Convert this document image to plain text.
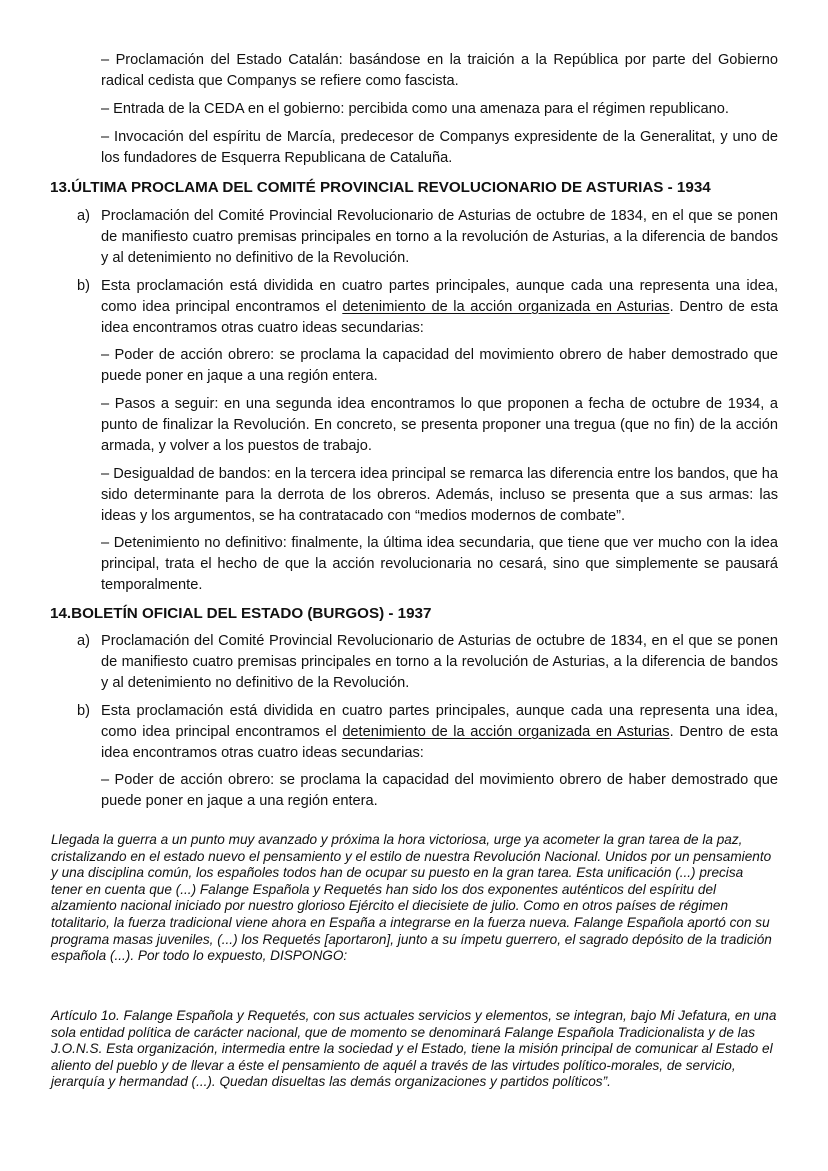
– Proclamación del Estado Catalán: basándose en la traición a la República por parte del Gobierno radical cedista que Companys se refiere como fascista.

– Entrada de la CEDA en el gobierno: percibida como una amenaza para el régimen republicano.

– Invocación del espíritu de Marcía, predecesor de Companys expresidente de la Generalitat, y uno de los fundadores de Esquerra Republicana de Cataluña.

13.ÚLTIMA PROCLAMA DEL COMITÉ PROVINCIAL REVOLUCIONARIO DE ASTURIAS - 1934
a) Proclamación del Comité Provincial Revolucionario de Asturias de octubre de 1834, en el que se ponen de manifiesto cuatro premisas principales en torno a la revolución de Asturias, a la diferencia de bandos y al detenimiento no definitivo de la Revolución.

b) Esta proclamación está dividida en cuatro partes principales, aunque cada una representa una idea, como idea principal encontramos el detenimiento de la acción organizada en Asturias. Dentro de esta idea encontramos otras cuatro ideas secundarias:

– Poder de acción obrero: se proclama la capacidad del movimiento obrero de haber demostrado que puede poner en jaque a una región entera.

– Pasos a seguir: en una segunda idea encontramos lo que proponen a fecha de octubre de 1934, a punto de finalizar la Revolución. En concreto, se presenta proponer una tregua (que no fin) de la acción armada, y volver a los puestos de trabajo.

– Desigualdad de bandos: en la tercera idea principal se remarca las diferencia entre los bandos, que ha sido determinante para la derrota de los obreros. Además, incluso se presenta que a sus armas: las ideas y los argumentos, se ha contratacado con “medios modernos de combate”.

– Detenimiento no definitivo: finalmente, la última idea secundaria, que tiene que ver mucho con la idea principal, trata el hecho de que la acción revolucionaria no cesará, sino que simplemente se pausará temporalmente.

14.BOLETÍN OFICIAL DEL ESTADO (BURGOS) - 1937
a) Proclamación del Comité Provincial Revolucionario de Asturias de octubre de 1834, en el que se ponen de manifiesto cuatro premisas principales en torno a la revolución de Asturias, a la diferencia de bandos y al detenimiento no definitivo de la Revolución.

b) Esta proclamación está dividida en cuatro partes principales, aunque cada una representa una idea, como idea principal encontramos el detenimiento de la acción organizada en Asturias. Dentro de esta idea encontramos otras cuatro ideas secundarias:

– Poder de acción obrero: se proclama la capacidad del movimiento obrero de haber demostrado que puede poner en jaque a una región entera.

Llegada la guerra a un punto muy avanzado y próxima la hora victoriosa, urge ya acometer la gran tarea de la paz, cristalizando en el estado nuevo el pensamiento y el estilo de nuestra Revolución Nacional. Unidos por un pensamiento y una disciplina común, los españoles todos han de ocupar su puesto en la gran tarea. Esta unificación (...) precisa tener en cuenta que (...) Falange Española y Requetés han sido los dos exponentes auténticos del espíritu del alzamiento nacional iniciado por nuestro glorioso Ejército el diecisiete de julio. Como en otros países de régimen totalitario, la fuerza tradicional viene ahora en España a integrarse en la fuerza nueva. Falange Española aportó con su programa masas juveniles, (...) los Requetés [aportaron], junto a su ímpetu guerrero, el sagrado depósito de la tradición española (...). Por todo lo expuesto, DISPONGO:

Artículo 1o. Falange Española y Requetés, con sus actuales servicios y elementos, se integran, bajo Mi Jefatura, en una sola entidad política de carácter nacional, que de momento se denominará Falange Española Tradicionalista y de las J.O.N.S. Esta organización, intermedia entre la sociedad y el Estado, tiene la misión principal de comunicar al Estado el aliento del pueblo y de llevar a éste el pensamiento de aquél a través de las virtudes político-morales, de servicio, jerarquía y hermandad (...). Quedan disueltas las demás organizaciones y partidos políticos”.
